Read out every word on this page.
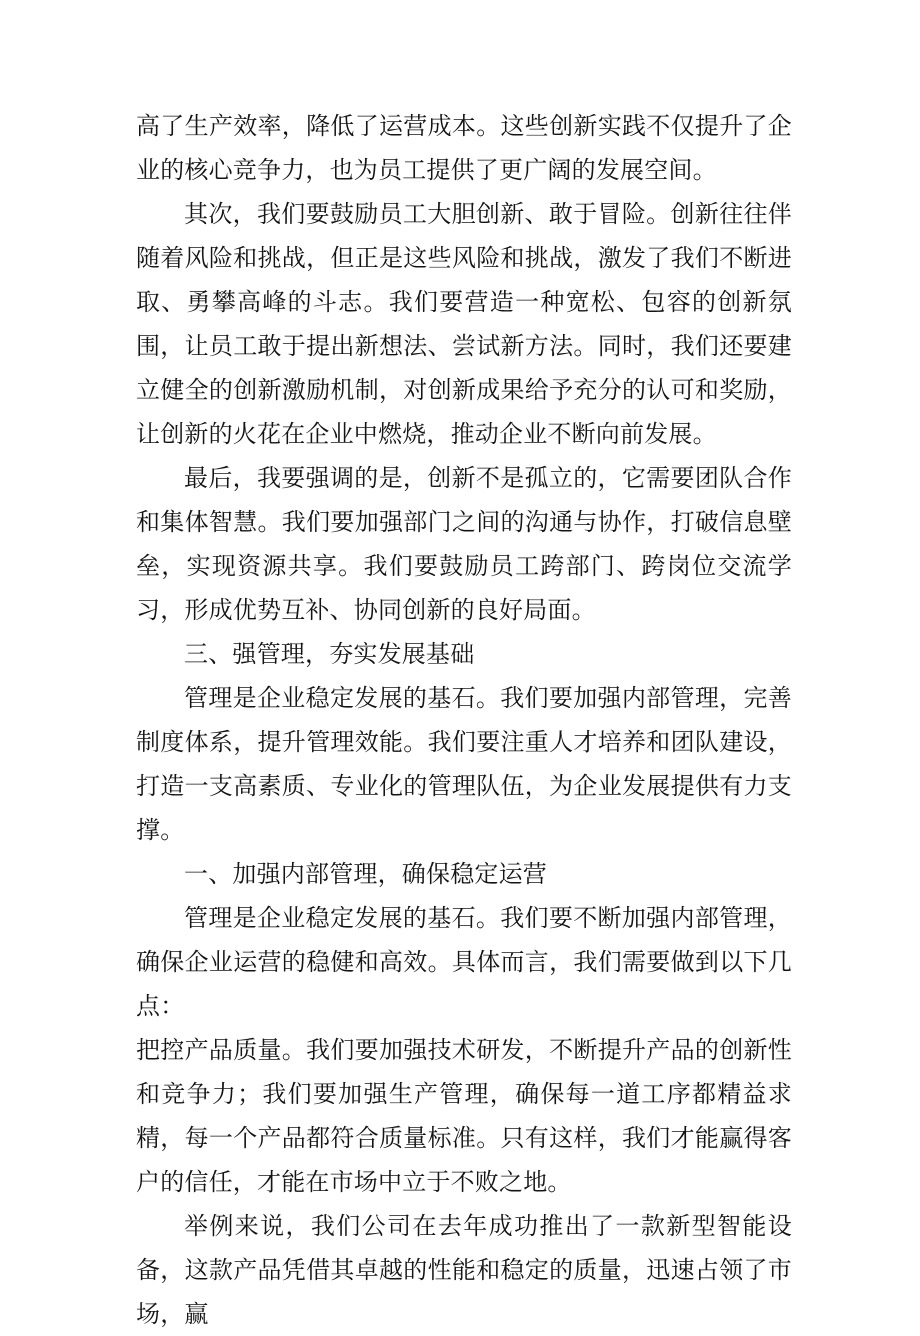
高了生产效率，降低了运营成本。这些创新实践不仅提升了企业的核心竞争力，也为员工提供了更广阔的发展空间。

其次，我们要鼓励员工大胆创新、敢于冒险。创新往往伴随着风险和挑战，但正是这些风险和挑战，激发了我们不断进取、勇攀高峰的斗志。我们要营造一种宽松、包容的创新氛围，让员工敢于提出新想法、尝试新方法。同时，我们还要建立健全的创新激励机制，对创新成果给予充分的认可和奖励，让创新的火花在企业中燃烧，推动企业不断向前发展。

最后，我要强调的是，创新不是孤立的，它需要团队合作和集体智慧。我们要加强部门之间的沟通与协作，打破信息壁垒，实现资源共享。我们要鼓励员工跨部门、跨岗位交流学习，形成优势互补、协同创新的良好局面。

三、强管理，夯实发展基础

管理是企业稳定发展的基石。我们要加强内部管理，完善制度体系，提升管理效能。我们要注重人才培养和团队建设，打造一支高素质、专业化的管理队伍，为企业发展提供有力支撑。

一、加强内部管理，确保稳定运营

管理是企业稳定发展的基石。我们要不断加强内部管理，确保企业运营的稳健和高效。具体而言，我们需要做到以下几点：

把控产品质量。我们要加强技术研发，不断提升产品的创新性和竞争力；我们要加强生产管理，确保每一道工序都精益求精，每一个产品都符合质量标准。只有这样，我们才能赢得客户的信任，才能在市场中立于不败之地。

举例来说，我们公司在去年成功推出了一款新型智能设备，这款产品凭借其卓越的性能和稳定的质量，迅速占领了市场，赢
